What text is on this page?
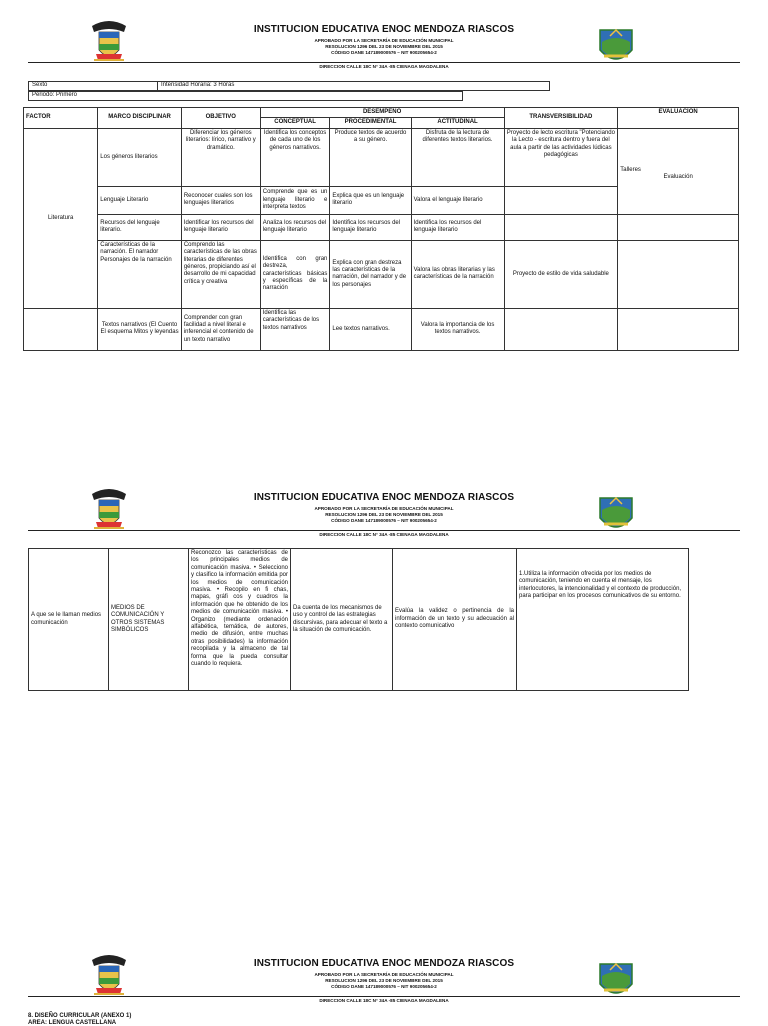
INSTITUCION EDUCATIVA ENOC MENDOZA RIASCOS
APROBADO POR LA SECRETARÍA DE EDUCACIÓN MUNICIPAL
RESOLUCION 1296 DEL 23 DE NOVIEMBRE DEL 2015
CÓDIGO DANE 147189000576 – NIT 900205654-2
DIRECCION CALLE 18C N° 34A -85 CIENAGA MAGDALENA
Sexto	Intensidad Horaria: 3 Horas
Periodo: Primero
FACTOR	MARCO DISCIPLINAR	OBJETIVO	DESEMPEÑO			TRANSVERSIBILIDAD	EVALUACIÓN
			CONCEPTUAL	PROCEDIMENTAL	ACTITUDINAL		
Literatura	Los géneros literarios	Diferenciar los géneros literarios: lírico, narrativo y dramático.	Identifica los conceptos de cada uno de los géneros narrativos.	Produce textos de acuerdo a su género.	Disfruta de la lectura de diferentes textos literarios.	Proyecto de lecto escritura "Potenciando la Lecto - escritura dentro y fuera del aula a partir de las actividades lúdicas pedagógicas	Talleres
Evaluación

	Lenguaje Literario	Reconocer cuales son los lenguajes literarios	Comprende que es un lenguaje literario e interpreta textos	Explica que es un lenguaje literario	Valora el lenguaje literario		
	Recursos del lenguaje literario.	Identificar los recursos del lenguaje literario	Analiza los recursos del lenguaje literario	Identifica los recursos del lenguaje literario	Identifica los recursos del lenguaje literario		
	Características de la narración. El narrador Personajes de la narración	Comprendo las características de las obras literarias de diferentes géneros, propiciando así el desarrollo de mi capacidad crítica y creativa	Identifica con gran destreza, características básicas y específicas de la narración	Explica con gran destreza las características de la narración, del narrador y de los personajes	Valora las obras literarias y las características de la narración	Proyecto de estilo de vida saludable	
	Textos narrativos (El Cuento El esquema Mitos y leyendas	Comprender con gran facilidad a nivel literal e inferencial el contenido de un texto narrativo	Identifica las características de los textos narrativos	Lee textos narrativos.	Valora la importancia de los textos narrativos.		
INSTITUCION EDUCATIVA ENOC MENDOZA RIASCOS
APROBADO POR LA SECRETARÍA DE EDUCACIÓN MUNICIPAL
RESOLUCION 1296 DEL 23 DE NOVIEMBRE DEL 2015
CÓDIGO DANE 147189000576 – NIT 900205654-2
DIRECCION CALLE 18C N° 34A -85 CIENAGA MAGDALENA
A que se le llaman medios comunicación	MEDIOS DE COMUNICACIÓN Y OTROS SISTEMAS SIMBÓLICOS	Reconozco las características de los principales medios de comunicación masiva. • Selecciono y clasifico la información emitida por los medios de comunicación masiva. • Recopilo en fi chas, mapas, gráfi cos y cuadros la información que he obtenido de los medios de comunicación masiva. • Organizo (mediante ordenación alfabética, temática, de autores, medio de difusión, entre muchas otras posibilidades) la información recopilada y la almaceno de tal forma que la pueda consultar cuando lo requiera.	Da cuenta de los mecanismos de uso y control de las estrategias discursivas, para adecuar el texto a la situación de comunicación.	Evalúa la validez o pertinencia de la información de un texto y su adecuación al contexto comunicativo	1.Utiliza la información ofrecida por los medios de comunicación, teniendo en cuenta el mensaje, los interlocutores, la intencionalidad y el contexto de producción, para participar en los procesos comunicativos de su entorno.
INSTITUCION EDUCATIVA ENOC MENDOZA RIASCOS
APROBADO POR LA SECRETARÍA DE EDUCACIÓN MUNICIPAL
RESOLUCION 1296 DEL 23 DE NOVIEMBRE DEL 2015
CÓDIGO DANE 147189000576 – NIT 900205654-2
DIRECCION CALLE 18C N° 34A -85 CIENAGA MAGDALENA
8. DISEÑO CURRICULAR (ANEXO 1)
AREA: LENGUA CASTELLANA
